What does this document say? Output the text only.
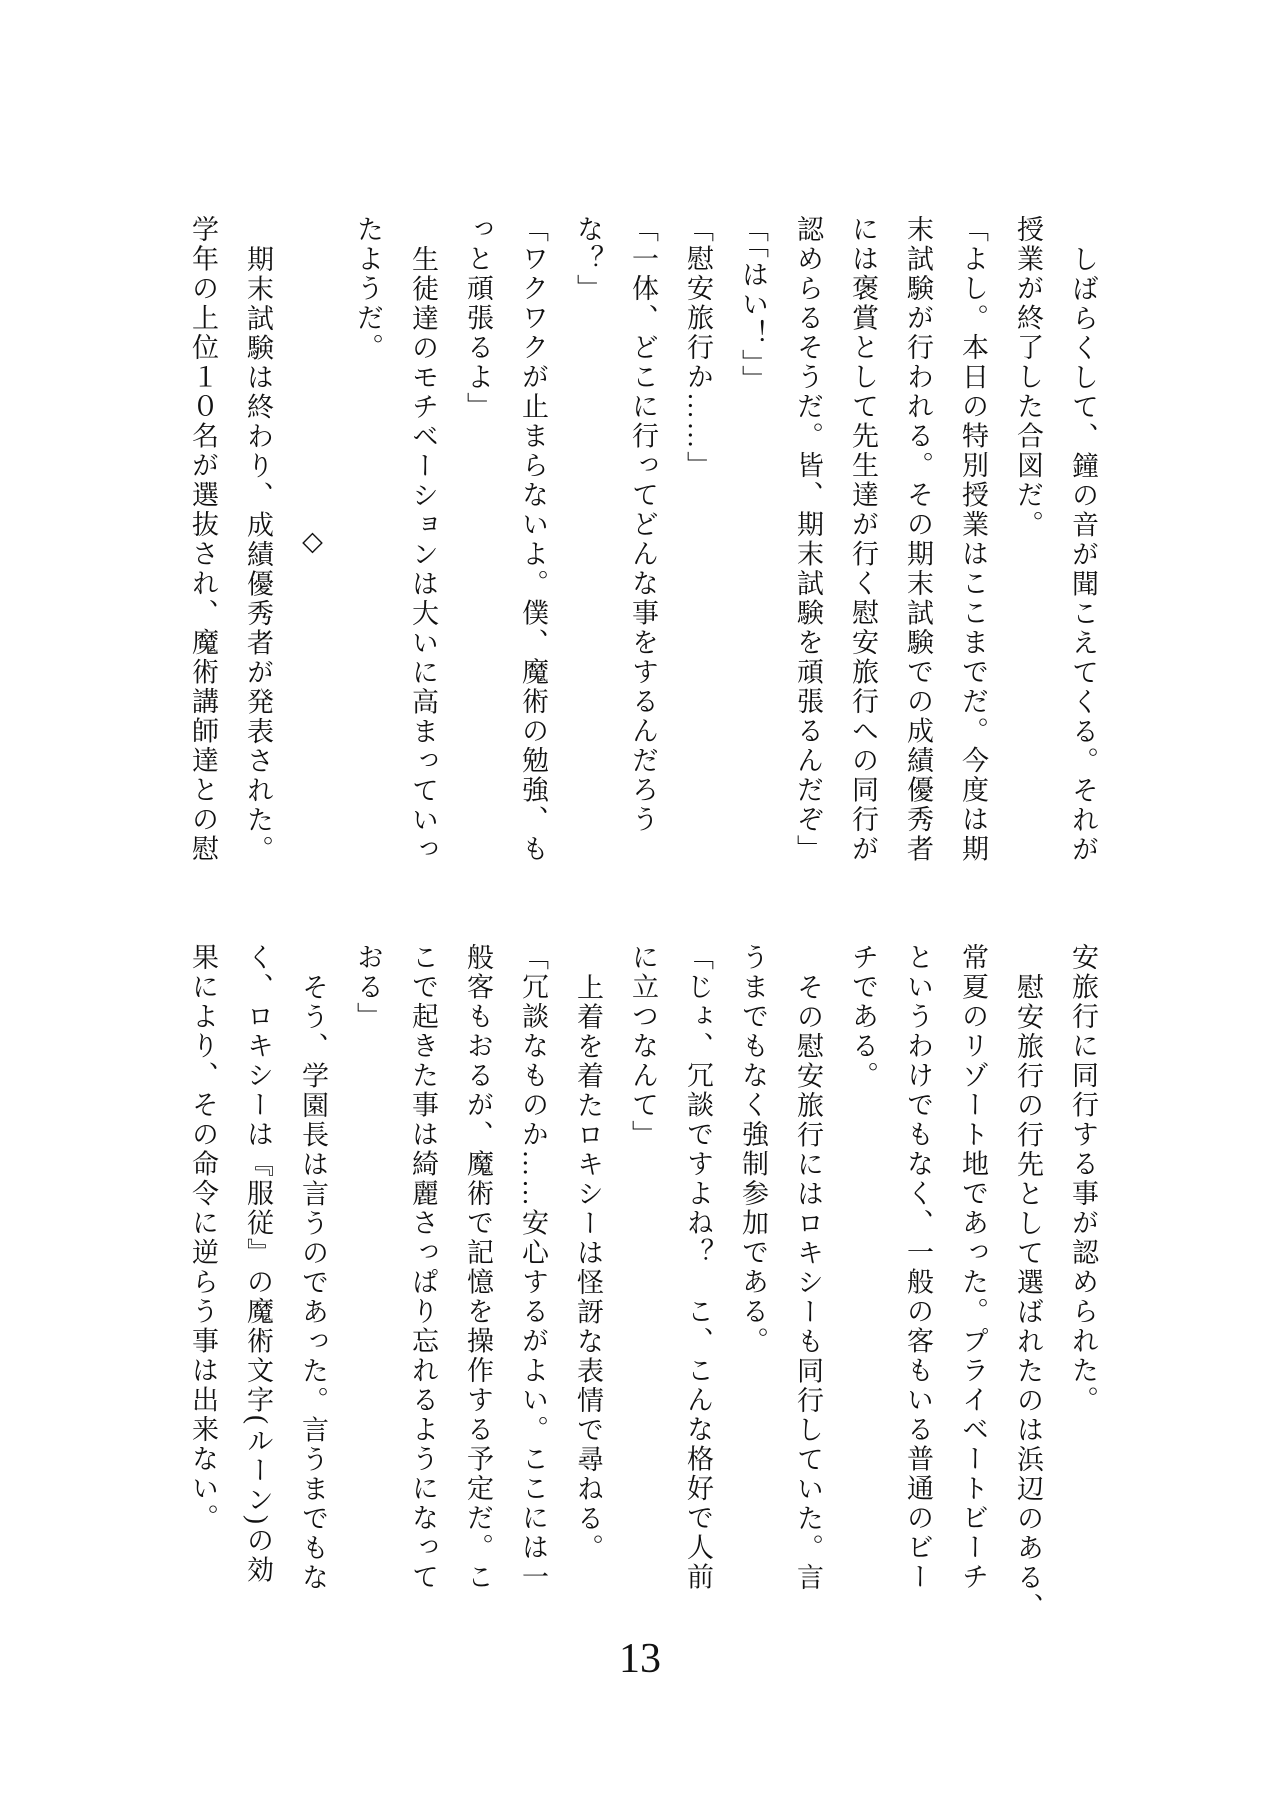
しばらくして、鐘の音が聞こえてくる。それが

授業が終了した合図だ。

「よし。本日の特別授業はここまでだ。今度は期

末試験が行われる。その期末試験での成績優秀者

には褒賞として先生達が行く慰安旅行への同行が

認めらるそうだ。皆、期末試験を頑張るんだぞ」

「「はい！」」

「慰安旅行か……」

「一体、どこに行ってどんな事をするんだろう

な？」

「ワクワクが止まらないよ。僕、魔術の勉強、も

っと頑張るよ」

生徒達のモチベーションは大いに高まっていっ

たようだ。

◇

期末試験は終わり、成績優秀者が発表された。

学年の上位１０名が選抜され、魔術講師達との慰

安旅行に同行する事が認められた。

慰安旅行の行先として選ばれたのは浜辺のある、

常夏のリゾート地であった。プライベートビーチ

というわけでもなく、一般の客もいる普通のビー

チである。

その慰安旅行にはロキシーも同行していた。言

うまでもなく強制参加である。

「じょ、冗談ですよね？　こ、こんな格好で人前

に立つなんて」

上着を着たロキシーは怪訝な表情で尋ねる。

「冗談なものか……安心するがよい。ここには一

般客もおるが、魔術で記憶を操作する予定だ。こ

こで起きた事は綺麗さっぱり忘れるようになって

おる」

そう、学園長は言うのであった。言うまでもな

く、ロキシーは『服従』の魔術文字(ルーン)の効

果により、その命令に逆らう事は出来ない。

13
